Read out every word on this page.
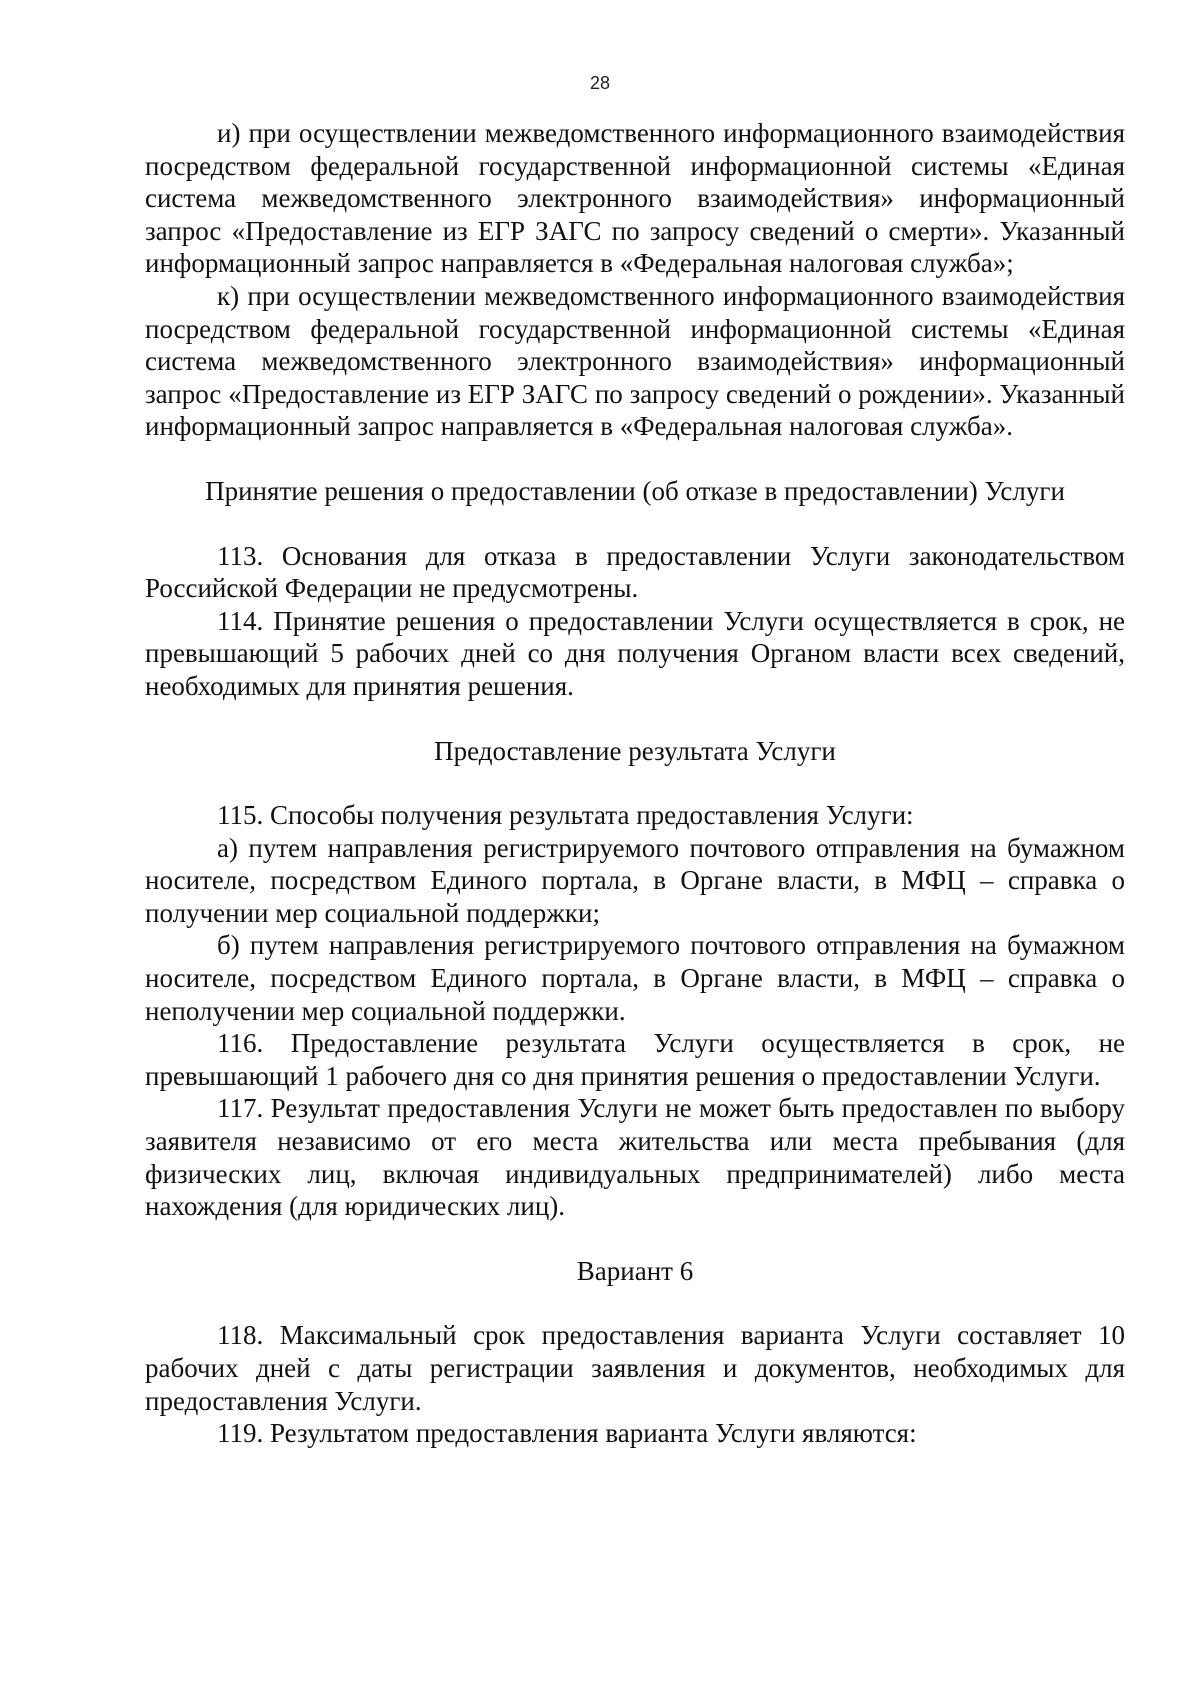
28

и) при осуществлении межведомственного информационного взаимодействия посредством федеральной государственной информационной системы «Единая система межведомственного электронного взаимодействия» информационный запрос «Предоставление из ЕГР ЗАГС по запросу сведений о смерти». Указанный информационный запрос направляется в «Федеральная налоговая служба»;

к) при осуществлении межведомственного информационного взаимодействия посредством федеральной государственной информационной системы «Единая система межведомственного электронного взаимодействия» информационный запрос «Предоставление из ЕГР ЗАГС по запросу сведений о рождении». Указанный информационный запрос направляется в «Федеральная налоговая служба».

Принятие решения о предоставлении (об отказе в предоставлении) Услуги

113. Основания для отказа в предоставлении Услуги законодательством Российской Федерации не предусмотрены.

114. Принятие решения о предоставлении Услуги осуществляется в срок, не превышающий 5 рабочих дней со дня получения Органом власти всех сведений, необходимых для принятия решения.

Предоставление результата Услуги

115. Способы получения результата предоставления Услуги:

а) путем направления регистрируемого почтового отправления на бумажном носителе, посредством Единого портала, в Органе власти, в МФЦ – справка о получении мер социальной поддержки;

б) путем направления регистрируемого почтового отправления на бумажном носителе, посредством Единого портала, в Органе власти, в МФЦ – справка о неполучении мер социальной поддержки.

116. Предоставление результата Услуги осуществляется в срок, не превышающий 1 рабочего дня со дня принятия решения о предоставлении Услуги.

117. Результат предоставления Услуги не может быть предоставлен по выбору заявителя независимо от его места жительства или места пребывания (для физических лиц, включая индивидуальных предпринимателей) либо места нахождения (для юридических лиц).

Вариант 6

118. Максимальный срок предоставления варианта Услуги составляет 10 рабочих дней с даты регистрации заявления и документов, необходимых для предоставления Услуги.

119. Результатом предоставления варианта Услуги являются:
